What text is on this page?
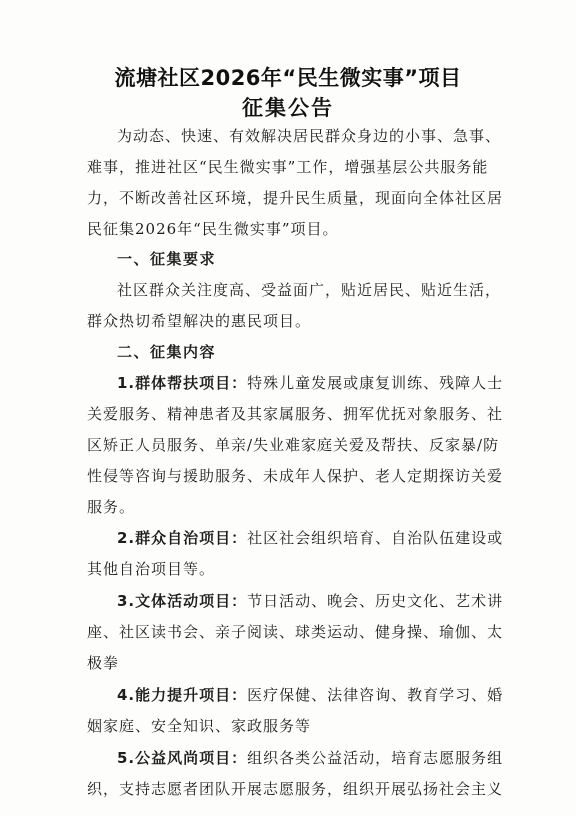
流塘社区2026年“民生微实事”项目
征集公告
为动态、快速、有效解决居民群众身边的小事、急事、
难事，推进社区“民生微实事”工作，增强基层公共服务能
力，不断改善社区环境，提升民生质量，现面向全体社区居
民征集2026年“民生微实事”项目。
一、征集要求
社区群众关注度高、受益面广，贴近居民、贴近生活，
群众热切希望解决的惠民项目。
二、征集内容
1.群体帮扶项目：特殊儿童发展或康复训练、残障人士
关爱服务、精神患者及其家属服务、拥军优抚对象服务、社
区矫正人员服务、单亲/失业难家庭关爱及帮扶、反家暴/防
性侵等咨询与援助服务、未成年人保护、老人定期探访关爱
服务。
2.群众自治项目：社区社会组织培育、自治队伍建设或
其他自治项目等。
3.文体活动项目：节日活动、晚会、历史文化、艺术讲
座、社区读书会、亲子阅读、球类运动、健身操、瑜伽、太
极拳
4.能力提升项目：医疗保健、法律咨询、教育学习、婚
姻家庭、安全知识、家政服务等
5.公益风尚项目：组织各类公益活动，培育志愿服务组
织，支持志愿者团队开展志愿服务，组织开展弘扬社会主义
